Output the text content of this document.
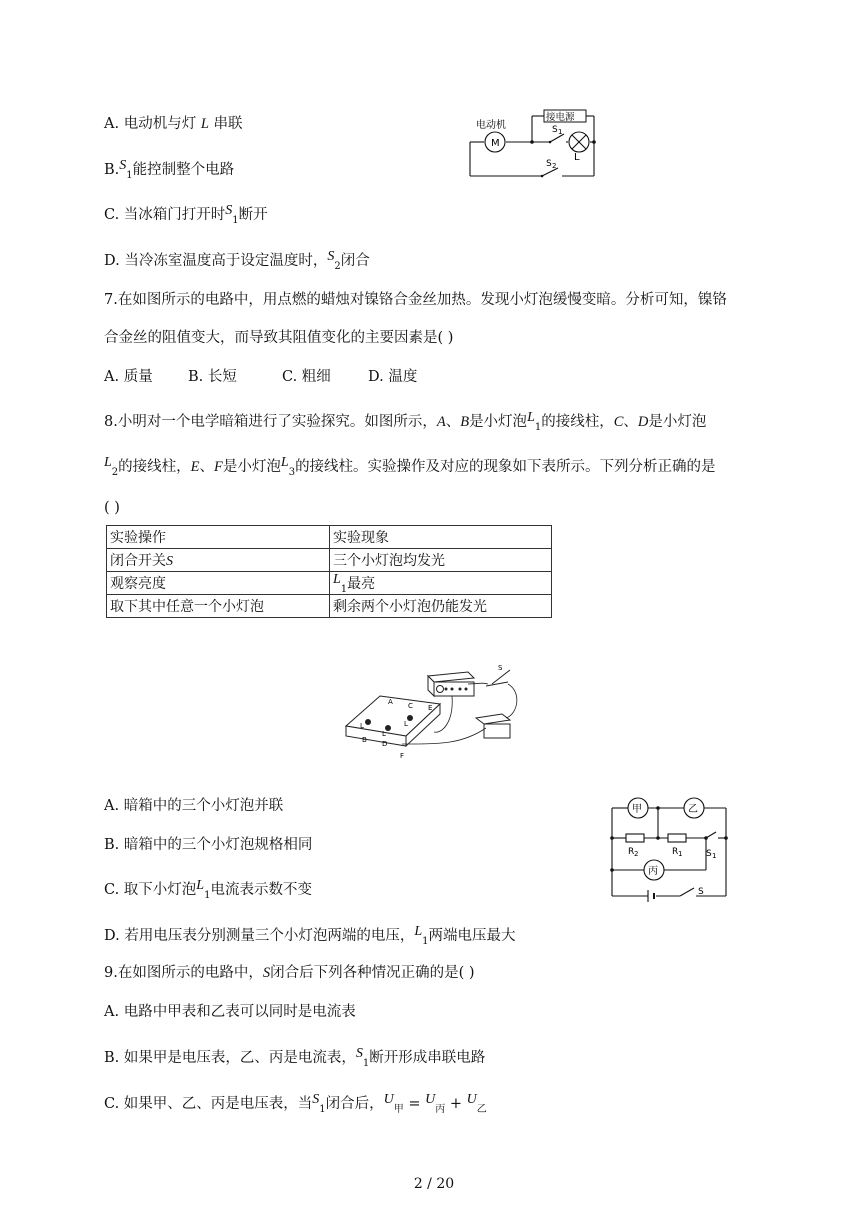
A. 电动机与灯 L 串联
$B.S_1$能控制整个电路
C. 当冰箱门打开时$S_1$断开
D. 当冷冻室温度高于设定温度时，$S_2$闭合
电动机
M
接电源
S 1
S 2
L
7.在如图所示的电路中，用点燃的蜡烛对镍铬合金丝加热。发现小灯泡缓慢变暗。分析可知，镍铬
合金丝的阻值变大，而导致其阻值变化的主要因素是( )
A. 质量 B. 长短	C. 粗细	D. 温度
8.小明对一个电学暗箱进行了实验探究。如图所示，A、B是小灯泡$L_1$的接线柱，C、D是小灯泡
$L_2$的接线柱，E、F是小灯泡$L_3$的接线柱。实验操作及对应的现象如下表所示。下列分析正确的是
( )
实验操作	实验现象
闭合开关S	三个小灯泡均发光
观察亮度	$L_1$最亮
取下其中任意一个小灯泡	剩余两个小灯泡仍能发光
A
B
C
D
E
F
L
L
L
S
A. 暗箱中的三个小灯泡并联
B. 暗箱中的三个小灯泡规格相同
C. 取下小灯泡$L_1$电流表示数不变
D. 若用电压表分别测量三个小灯泡两端的电压，$L_1$两端电压最大
甲	乙
丙
R 2	R 1	S 1
S
9.在如图所示的电路中，S闭合后下列各种情况正确的是( )
A. 电路中甲表和乙表可以同时是电流表
B. 如果甲是电压表，乙、丙是电流表，$S_1$断开形成串联电路
C. 如果甲、乙、丙是电压表，当$S_1$闭合后，$U_甲 = U_丙 + U_乙$
2 / 20
